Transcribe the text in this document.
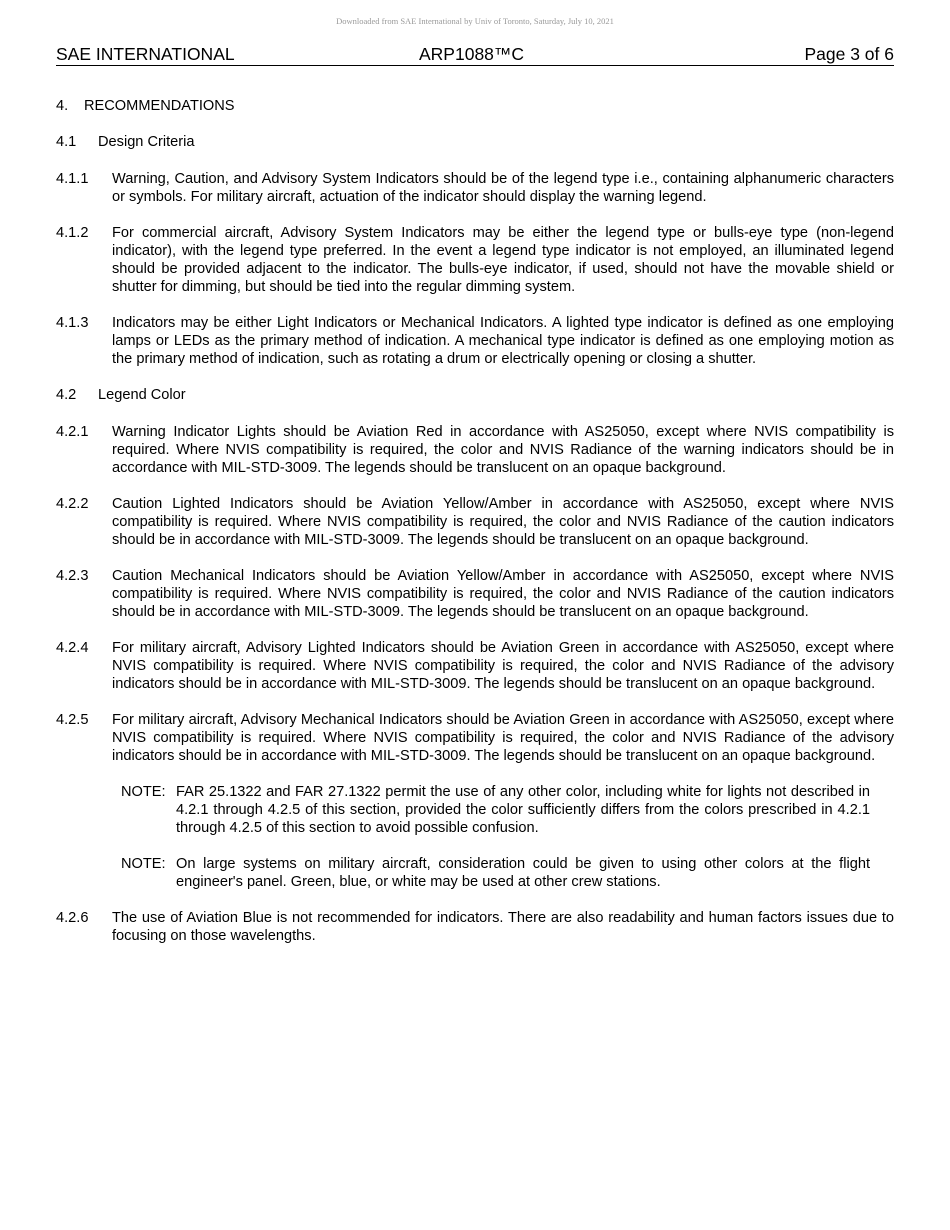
Downloaded from SAE International by Univ of Toronto, Saturday, July 10, 2021
SAE INTERNATIONAL	ARP1088™C	Page 3 of 6
4. RECOMMENDATIONS
4.1 Design Criteria
4.1.1	Warning, Caution, and Advisory System Indicators should be of the legend type i.e., containing alphanumeric characters or symbols. For military aircraft, actuation of the indicator should display the warning legend.
4.1.2	For commercial aircraft, Advisory System Indicators may be either the legend type or bulls-eye type (non-legend indicator), with the legend type preferred. In the event a legend type indicator is not employed, an illuminated legend should be provided adjacent to the indicator. The bulls-eye indicator, if used, should not have the movable shield or shutter for dimming, but should be tied into the regular dimming system.
4.1.3	Indicators may be either Light Indicators or Mechanical Indicators. A lighted type indicator is defined as one employing lamps or LEDs as the primary method of indication. A mechanical type indicator is defined as one employing motion as the primary method of indication, such as rotating a drum or electrically opening or closing a shutter.
4.2 Legend Color
4.2.1	Warning Indicator Lights should be Aviation Red in accordance with AS25050, except where NVIS compatibility is required. Where NVIS compatibility is required, the color and NVIS Radiance of the warning indicators should be in accordance with MIL-STD-3009. The legends should be translucent on an opaque background.
4.2.2	Caution Lighted Indicators should be Aviation Yellow/Amber in accordance with AS25050, except where NVIS compatibility is required. Where NVIS compatibility is required, the color and NVIS Radiance of the caution indicators should be in accordance with MIL-STD-3009. The legends should be translucent on an opaque background.
4.2.3	Caution Mechanical Indicators should be Aviation Yellow/Amber in accordance with AS25050, except where NVIS compatibility is required. Where NVIS compatibility is required, the color and NVIS Radiance of the caution indicators should be in accordance with MIL-STD-3009. The legends should be translucent on an opaque background.
4.2.4	For military aircraft, Advisory Lighted Indicators should be Aviation Green in accordance with AS25050, except where NVIS compatibility is required. Where NVIS compatibility is required, the color and NVIS Radiance of the advisory indicators should be in accordance with MIL-STD-3009. The legends should be translucent on an opaque background.
4.2.5	For military aircraft, Advisory Mechanical Indicators should be Aviation Green in accordance with AS25050, except where NVIS compatibility is required. Where NVIS compatibility is required, the color and NVIS Radiance of the advisory indicators should be in accordance with MIL-STD-3009. The legends should be translucent on an opaque background.
NOTE: FAR 25.1322 and FAR 27.1322 permit the use of any other color, including white for lights not described in 4.2.1 through 4.2.5 of this section, provided the color sufficiently differs from the colors prescribed in 4.2.1 through 4.2.5 of this section to avoid possible confusion.
NOTE: On large systems on military aircraft, consideration could be given to using other colors at the flight engineer's panel. Green, blue, or white may be used at other crew stations.
4.2.6	The use of Aviation Blue is not recommended for indicators. There are also readability and human factors issues due to focusing on those wavelengths.
